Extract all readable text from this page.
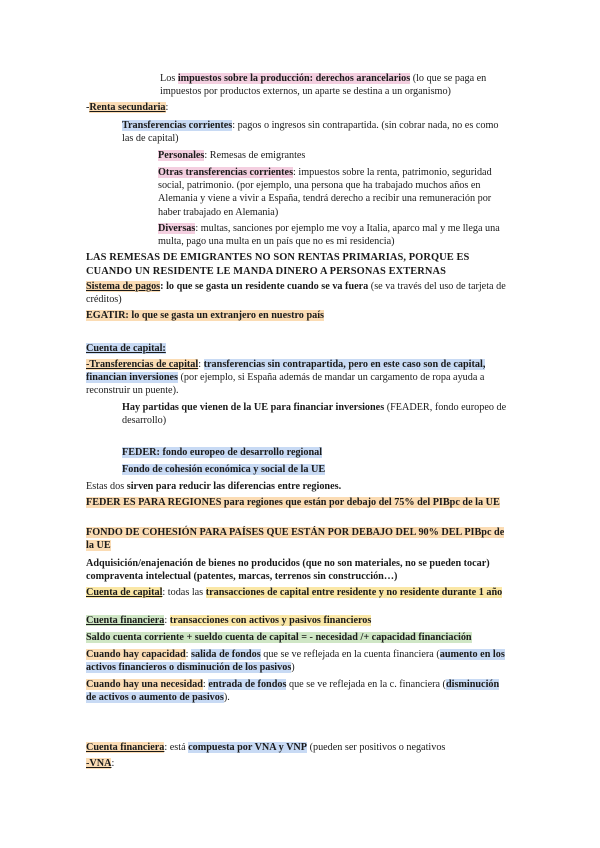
Los impuestos sobre la producción: derechos arancelarios (lo que se paga en impuestos por productos externos, un aparte se destina a un organismo)
-Renta secundaria:
Transferencias corrientes: pagos o ingresos sin contrapartida. (sin cobrar nada, no es como las de capital)
Personales: Remesas de emigrantes
Otras transferencias corrientes: impuestos sobre la renta, patrimonio, seguridad social, patrimonio. (por ejemplo, una persona que ha trabajado muchos años en Alemania y viene a vivir a España, tendrá derecho a recibir una remuneración por haber trabajado en Alemania)
Diversas: multas, sanciones por ejemplo me voy a Italia, aparco mal y me llega una multa, pago una multa en un país que no es mi residencia)
LAS REMESAS DE EMIGRANTES NO SON RENTAS PRIMARIAS, PORQUE ES CUANDO UN RESIDENTE LE MANDA DINERO A PERSONAS EXTERNAS
Sistema de pagos: lo que se gasta un residente cuando se va fuera (se va través del uso de tarjeta de créditos)
EGATIR: lo que se gasta un extranjero en nuestro país
Cuenta de capital:
-Transferencias de capital: transferencias sin contrapartida, pero en este caso son de capital, financian inversiones (por ejemplo, si España además de mandar un cargamento de ropa ayuda a reconstruir un puente).
Hay partidas que vienen de la UE para financiar inversiones (FEADER, fondo europeo de desarrollo)
FEDER: fondo europeo de desarrollo regional
Fondo de cohesión económica y social de la UE
Estas dos sirven para reducir las diferencias entre regiones.
FEDER ES PARA REGIONES para regiones que están por debajo del 75% del PIBpc de la UE
FONDO DE COHESIÓN PARA PAÍSES QUE ESTÁN POR DEBAJO DEL 90% DEL PIBpc de la UE
Adquisición/enajenación de bienes no producidos (que no son materiales, no se pueden tocar) compraventa intelectual (patentes, marcas, terrenos sin construcción…)
Cuenta de capital: todas las transacciones de capital entre residente y no residente durante 1 año
Cuenta financiera: transacciones con activos y pasivos financieros
Saldo cuenta corriente + sueldo cuenta de capital = - necesidad /+ capacidad financiación
Cuando hay capacidad: salida de fondos que se ve reflejada en la cuenta financiera (aumento en los activos financieros o disminución de los pasivos)
Cuando hay una necesidad: entrada de fondos que se ve reflejada en la c. financiera (disminución de activos o aumento de pasivos).
Cuenta financiera: está compuesta por VNA y VNP (pueden ser positivos o negativos
-VNA:
